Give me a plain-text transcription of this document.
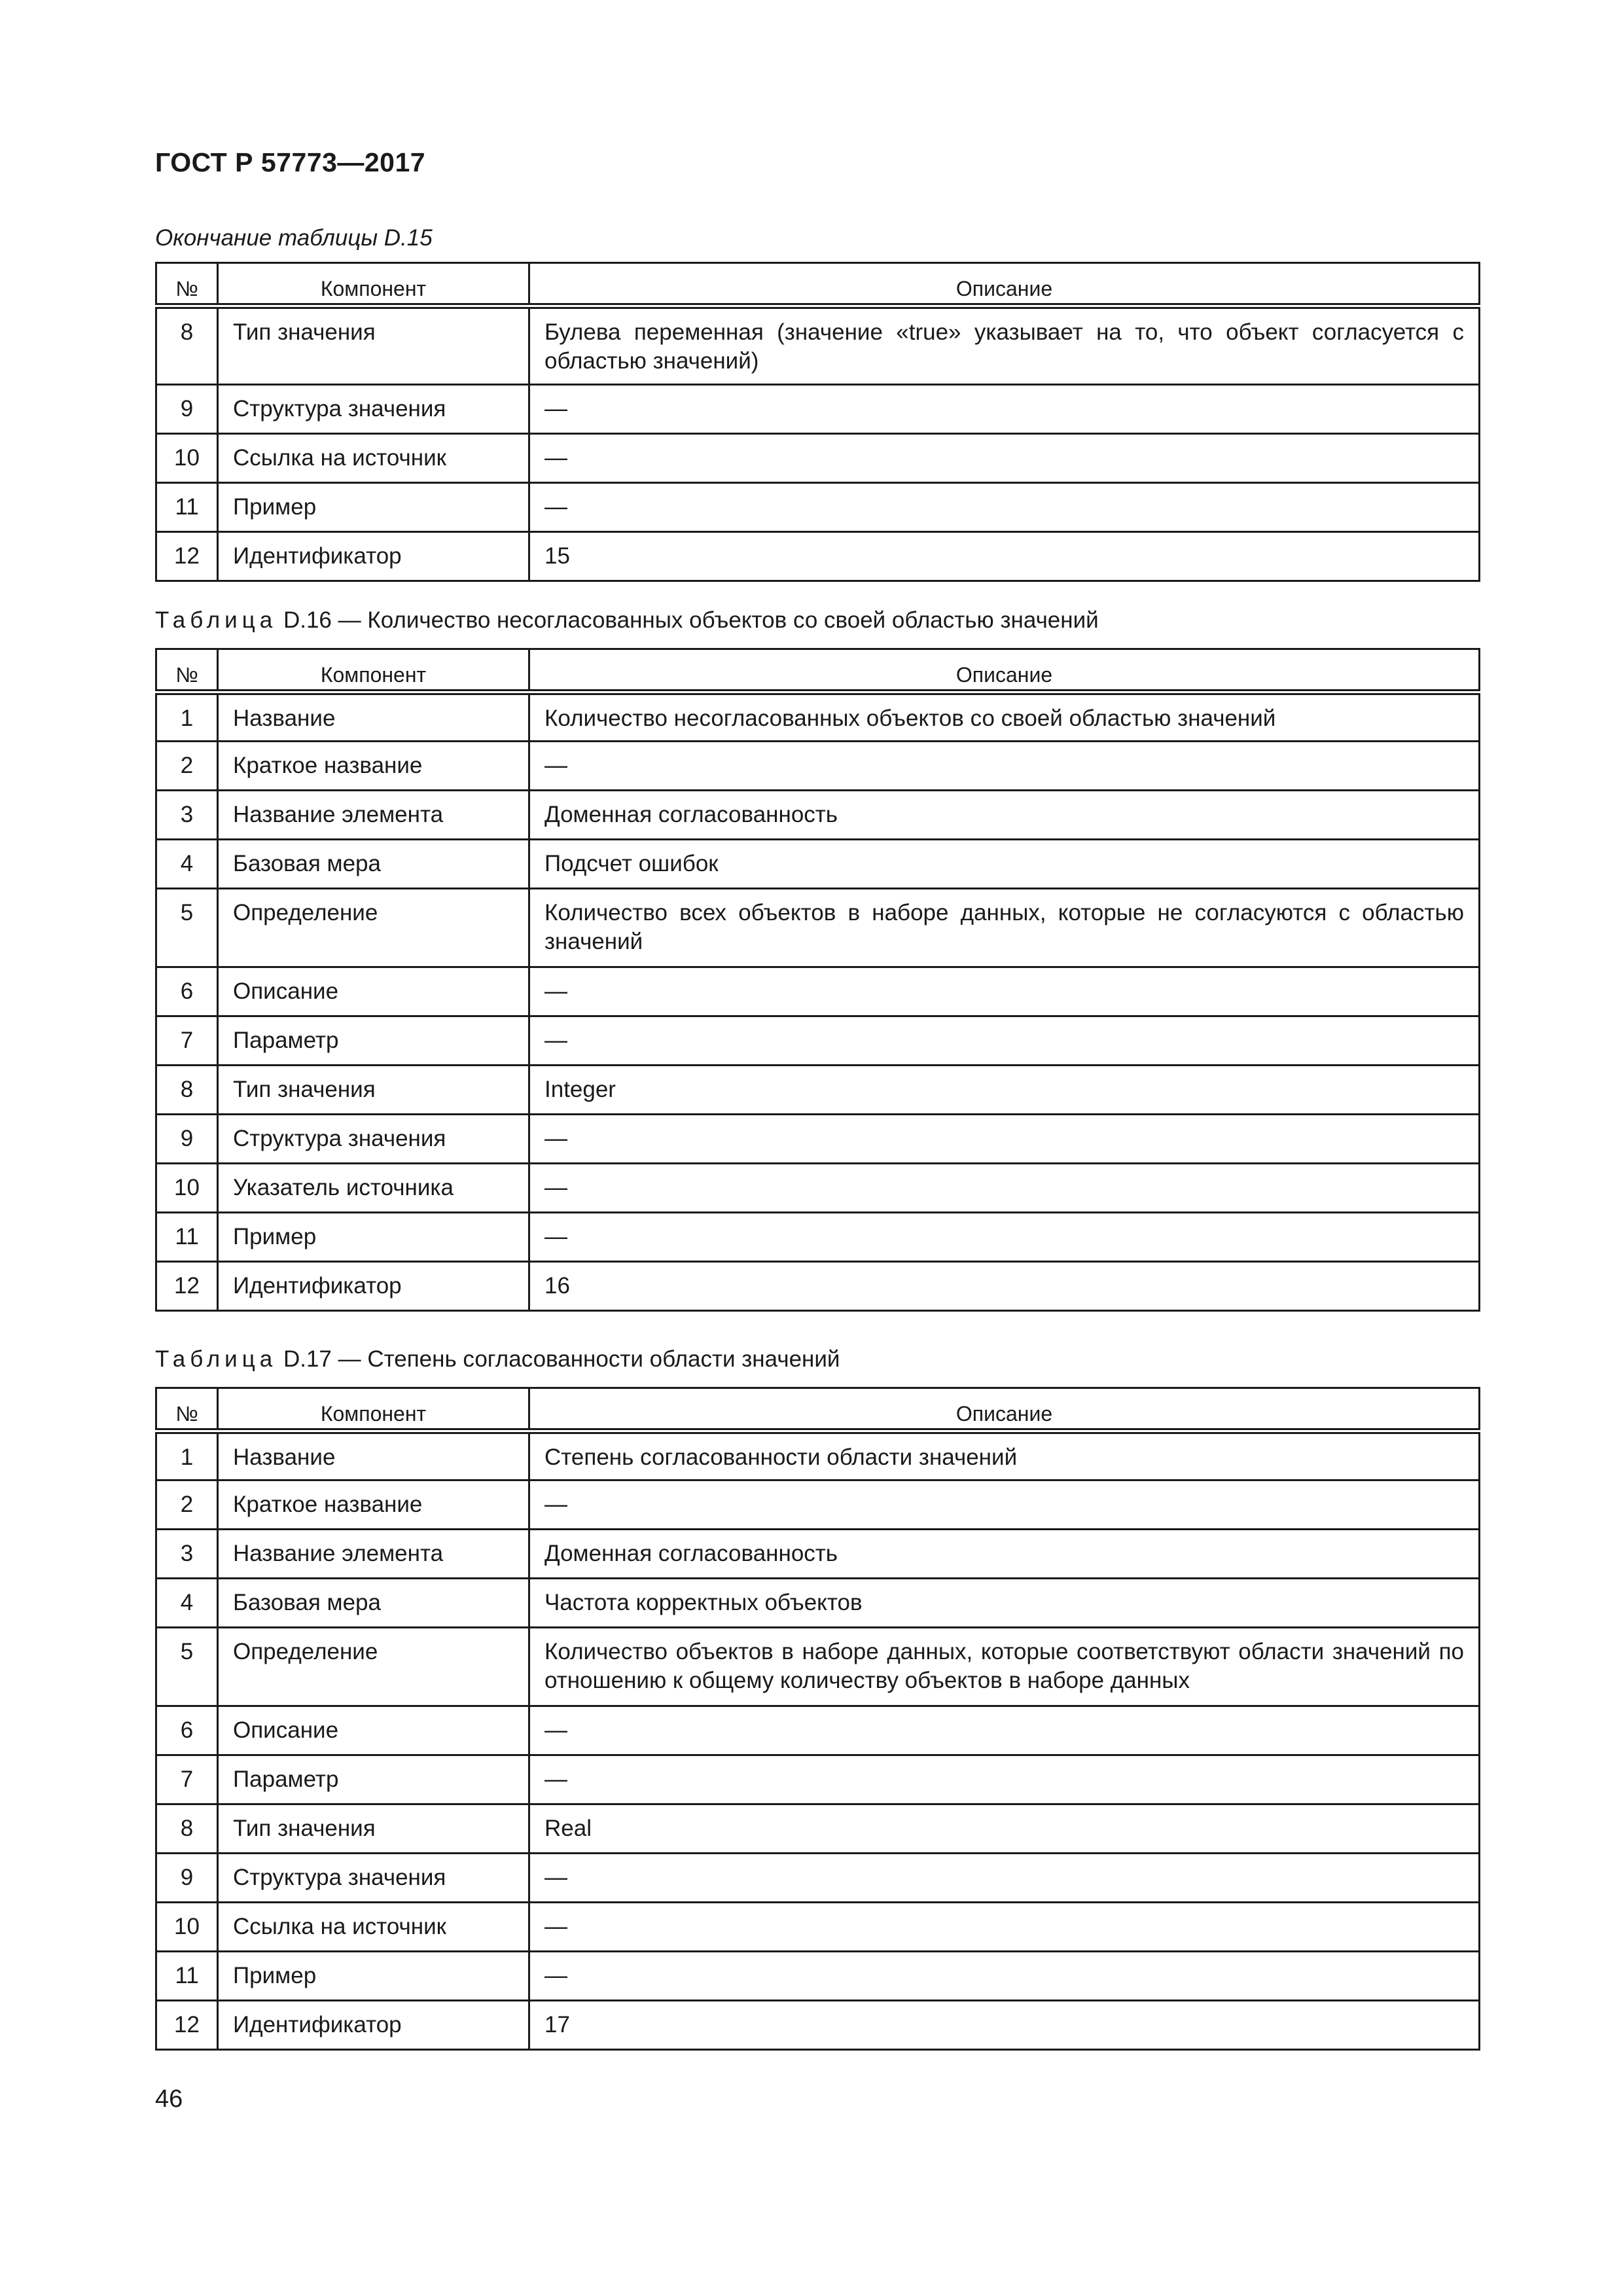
ГОСТ Р 57773—2017
Окончание таблицы D.15
№	Компонент	Описание
8	Тип значения	Булева переменная (значение «true» указывает на то, что объект согласуется с областью значений)
9	Структура значения	—
10	Ссылка на источник	—
11	Пример	—
12	Идентификатор	15
Таблица D.16 — Количество несогласованных объектов со своей областью значений
№	Компонент	Описание
1	Название	Количество несогласованных объектов со своей областью значений
2	Краткое название	—
3	Название элемента	Доменная согласованность
4	Базовая мера	Подсчет ошибок
5	Определение	Количество всех объектов в наборе данных, которые не согласуются с областью значений
6	Описание	—
7	Параметр	—
8	Тип значения	Integer
9	Структура значения	—
10	Указатель источника	—
11	Пример	—
12	Идентификатор	16
Таблица D.17 — Степень согласованности области значений
№	Компонент	Описание
1	Название	Степень согласованности области значений
2	Краткое название	—
3	Название элемента	Доменная согласованность
4	Базовая мера	Частота корректных объектов
5	Определение	Количество объектов в наборе данных, которые соответствуют области значений по отношению к общему количеству объектов в наборе данных
6	Описание	—
7	Параметр	—
8	Тип значения	Real
9	Структура значения	—
10	Ссылка на источник	—
11	Пример	—
12	Идентификатор	17
46
